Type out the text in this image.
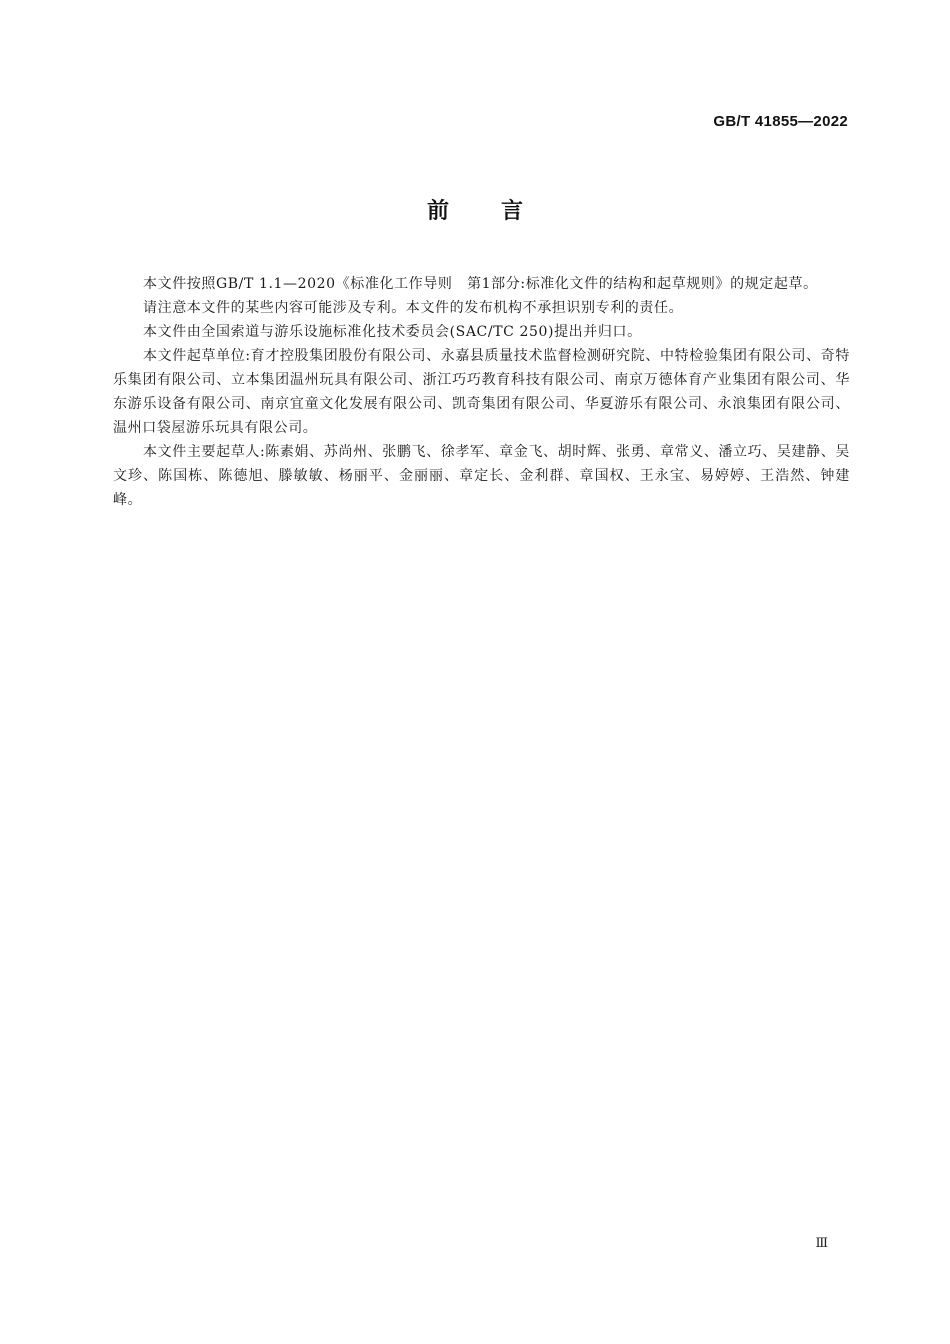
GB/T 41855—2022
前言

本文件按照GB/T 1.1—2020《标准化工作导则　第1部分:标准化文件的结构和起草规则》的规定起草。

请注意本文件的某些内容可能涉及专利。本文件的发布机构不承担识别专利的责任。

本文件由全国索道与游乐设施标准化技术委员会(SAC/TC 250)提出并归口。

本文件起草单位:育才控股集团股份有限公司、永嘉县质量技术监督检测研究院、中特检验集团有限公司、奇特乐集团有限公司、立本集团温州玩具有限公司、浙江巧巧教育科技有限公司、南京万德体育产业集团有限公司、华东游乐设备有限公司、南京宜童文化发展有限公司、凯奇集团有限公司、华夏游乐有限公司、永浪集团有限公司、温州口袋屋游乐玩具有限公司。

本文件主要起草人:陈素娟、苏尚州、张鹏飞、徐孝军、章金飞、胡时辉、张勇、章常义、潘立巧、吴建静、吴文珍、陈国栋、陈德旭、滕敏敏、杨丽平、金丽丽、章定长、金利群、章国权、王永宝、易婷婷、王浩然、钟建峰。

Ⅲ
